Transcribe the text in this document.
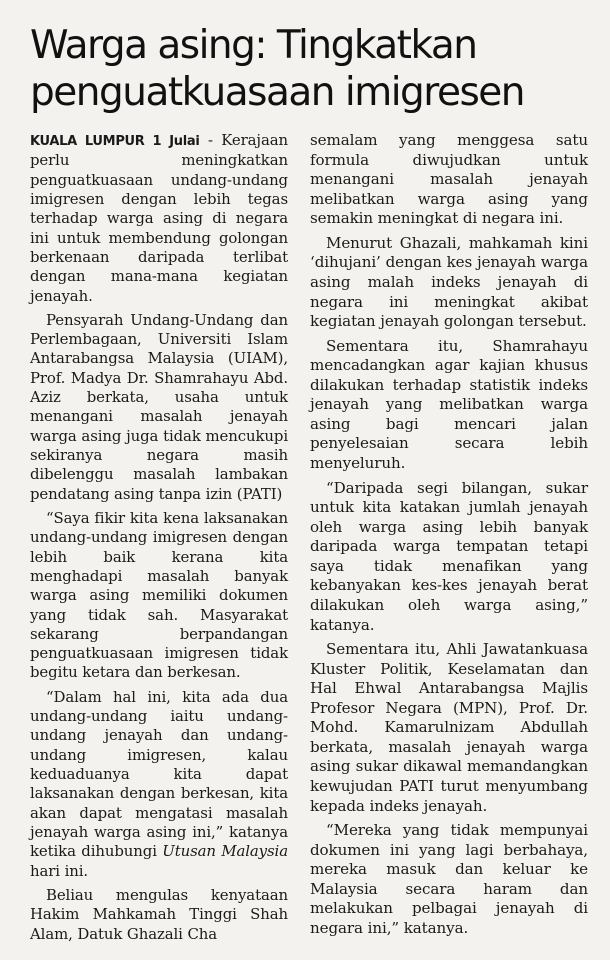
Warga asing: Tingkatkan
penguatkuasaan imigresen

KUALA LUMPUR 1 Julai - Kerajaan perlu meningkatkan penguatkuasaan undang-undang imigresen dengan lebih tegas terhadap warga asing di negara ini untuk membendung golongan berkenaan daripada terlibat dengan mana-mana kegiatan jenayah.

Pensyarah Undang-Undang dan Perlembagaan, Universiti Islam Antarabangsa Malaysia (UIAM), Prof. Madya Dr. Shamrahayu Abd. Aziz berkata, usaha untuk menangani masalah jenayah warga asing juga tidak mencukupi sekiranya negara masih dibelenggu masalah lambakan pendatang asing tanpa izin (PATI)

“Saya fikir kita kena laksanakan undang-undang imigresen dengan lebih baik kerana kita menghadapi masalah banyak warga asing memiliki dokumen yang tidak sah. Masyarakat sekarang berpandangan penguatkuasaan imigresen tidak begitu ketara dan berkesan.

“Dalam hal ini, kita ada dua undang-undang iaitu undang-undang jenayah dan undang-undang imigresen, kalau keduaduanya kita dapat laksanakan dengan berkesan, kita akan dapat mengatasi masalah jenayah warga asing ini,” katanya ketika dihubungi Utusan Malaysia hari ini.

Beliau mengulas kenyataan Hakim Mahkamah Tinggi Shah Alam, Datuk Ghazali Cha

semalam yang menggesa satu formula diwujudkan untuk menangani masalah jenayah melibatkan warga asing yang semakin meningkat di negara ini.

Menurut Ghazali, mahkamah kini ‘dihujani’ dengan kes jenayah warga asing malah indeks jenayah di negara ini meningkat akibat kegiatan jenayah golongan tersebut.

Sementara itu, Shamrahayu mencadangkan agar kajian khusus dilakukan terhadap statistik indeks jenayah yang melibatkan warga asing bagi mencari jalan penyelesaian secara lebih menyeluruh.

“Daripada segi bilangan, sukar untuk kita katakan jumlah jenayah oleh warga asing lebih banyak daripada warga tempatan tetapi saya tidak menafikan yang kebanyakan kes-kes jenayah berat dilakukan oleh warga asing,” katanya.

Sementara itu, Ahli Jawatankuasa Kluster Politik, Keselamatan dan Hal Ehwal Antarabangsa Majlis Profesor Negara (MPN), Prof. Dr. Mohd. Kamarulnizam Abdullah berkata, masalah jenayah warga asing sukar dikawal memandangkan kewujudan PATI turut menyumbang kepada indeks jenayah.

“Mereka yang tidak mempunyai dokumen ini yang lagi berbahaya, mereka masuk dan keluar ke Malaysia secara haram dan melakukan pelbagai jenayah di negara ini,” katanya.
